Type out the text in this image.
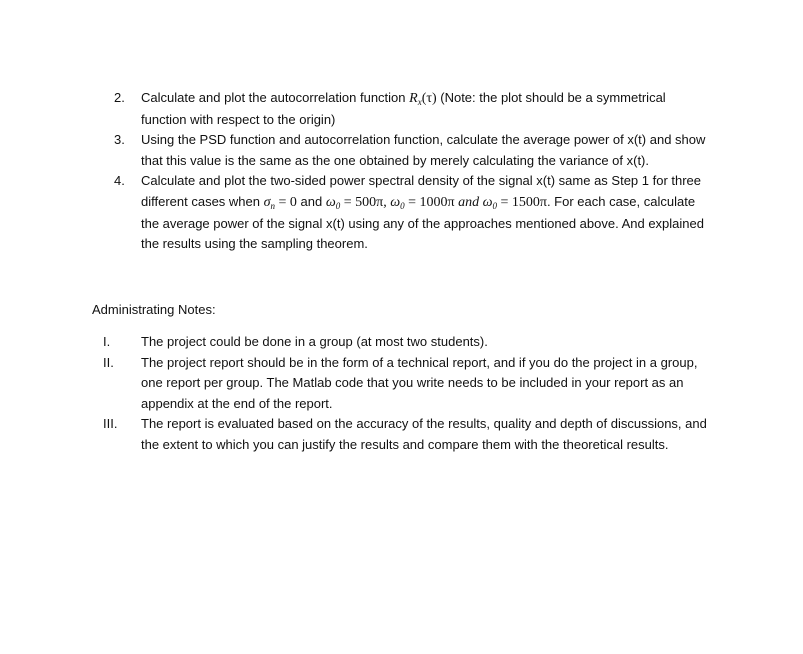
2.	Calculate and plot the autocorrelation function $R_x(\tau)$ (Note: the plot should be a symmetrical function with respect to the origin)
3.	Using the PSD function and autocorrelation function, calculate the average power of x(t) and show that this value is the same as the one obtained by merely calculating the variance of x(t).
4.	Calculate and plot the two-sided power spectral density of the signal x(t) same as Step 1 for three different cases when $\sigma_n = 0$ and $\omega_0 = 500\pi$, $\omega_0 = 1000\pi$ and $\omega_0 = 1500\pi$. For each case, calculate the average power of the signal x(t) using any of the approaches mentioned above. And explained the results using the sampling theorem.
Administrating Notes:
I.	The project could be done in a group (at most two students).
II.	The project report should be in the form of a technical report, and if you do the project in a group, one report per group. The Matlab code that you write needs to be included in your report as an appendix at the end of the report.
III.	The report is evaluated based on the accuracy of the results, quality and depth of discussions, and the extent to which you can justify the results and compare them with the theoretical results.
